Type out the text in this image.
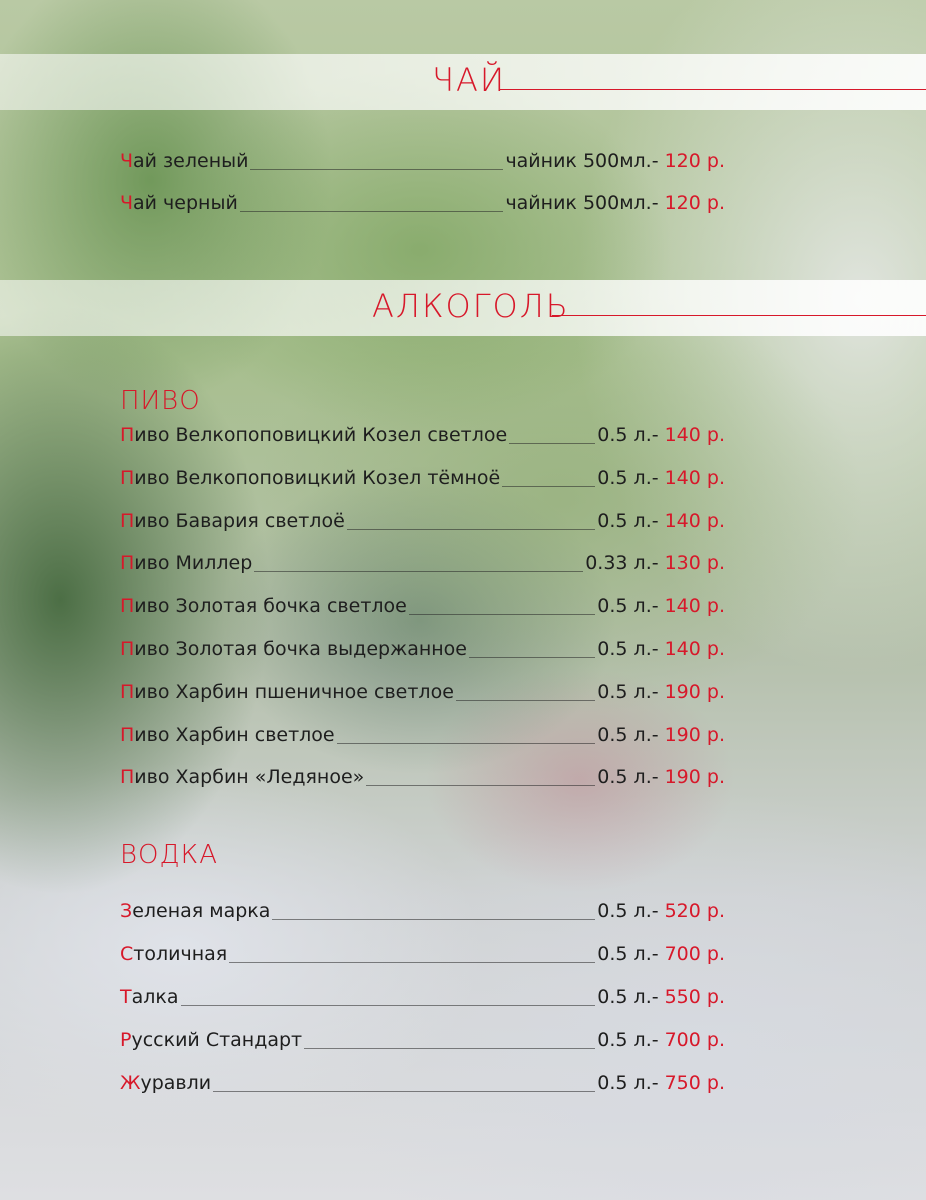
ЧАЙ
Ч ай зеленый	чайник 500мл.- 120 р.
Ч ай черный	чайник 500мл.- 120 р.
АЛКОГОЛЬ
ПИВО
П иво Велкопоповицкий Козел светлое	0.5 л.- 140 р.
П иво Велкопоповицкий Козел тёмноё	0.5 л.- 140 р.
П иво Бавария светлоё	0.5 л.- 140 р.
П иво Миллер	0.33 л.- 130 р.
П иво Золотая бочка светлое	0.5 л.- 140 р.
П иво Золотая бочка выдержанное	0.5 л.- 140 р.
П иво Харбин пшеничное светлое	0.5 л.- 190 р.
П иво Харбин светлое	0.5 л.- 190 р.
П иво Харбин «Ледяное»	0.5 л.- 190 р.
ВОДКА
З еленая марка	0.5 л.- 520 р.
С толичная	0.5 л.- 700 р.
Т алка	0.5 л.- 550 р.
Р усский Стандарт	0.5 л.- 700 р.
Ж уравли	0.5 л.- 750 р.
